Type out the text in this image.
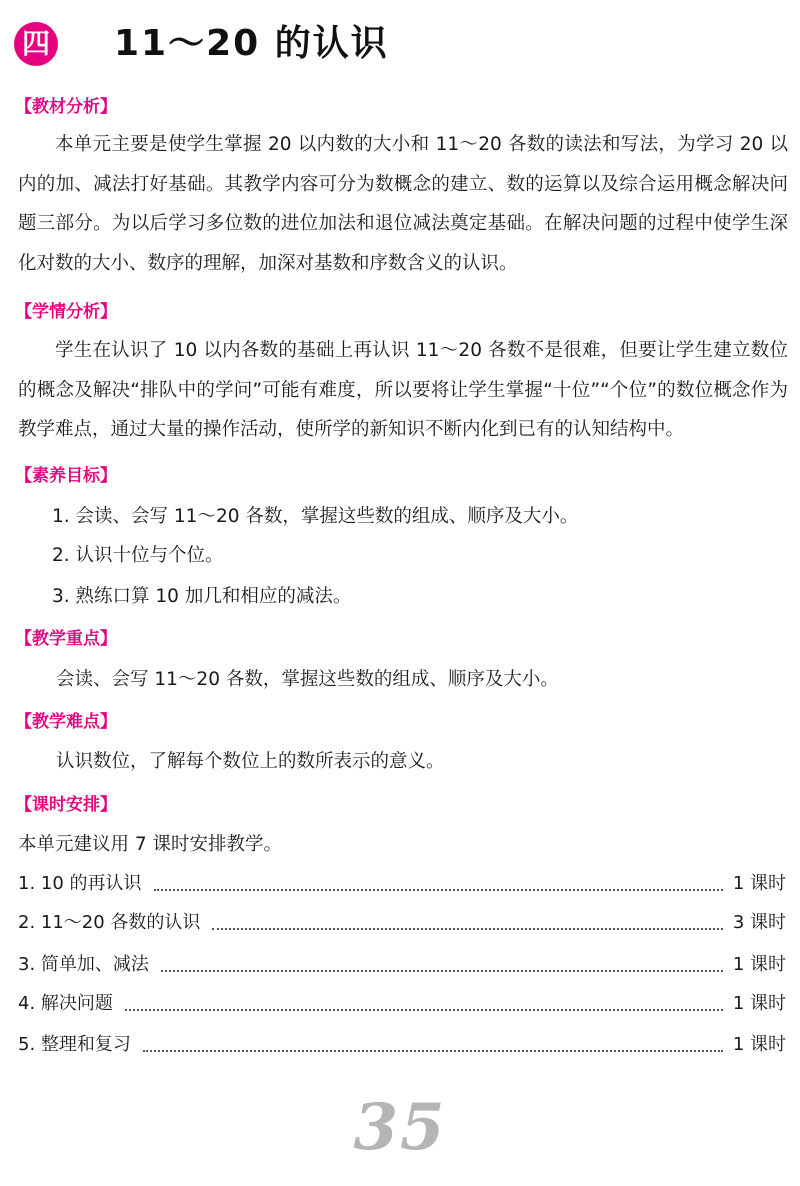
四 11～20 的认识
【教材分析】

本单元主要是使学生掌握 20 以内数的大小和 11～20 各数的读法和写法，为学习 20 以内的加、减法打好基础。其教学内容可分为数概念的建立、数的运算以及综合运用概念解决问题三部分。为以后学习多位数的进位加法和退位减法奠定基础。在解决问题的过程中使学生深化对数的大小、数序的理解，加深对基数和序数含义的认识。

【学情分析】

学生在认识了 10 以内各数的基础上再认识 11～20 各数不是很难，但要让学生建立数位的概念及解决“排队中的学问”可能有难度，所以要将让学生掌握“十位”“个位”的数位概念作为教学难点，通过大量的操作活动，使所学的新知识不断内化到已有的认知结构中。

【素养目标】
1. 会读、会写 11～20 各数，掌握这些数的组成、顺序及大小。
2. 认识十位与个位。
3. 熟练口算 10 加几和相应的减法。
【教学重点】
会读、会写 11～20 各数，掌握这些数的组成、顺序及大小。
【教学难点】
认识数位，了解每个数位上的数所表示的意义。
【课时安排】
本单元建议用 7 课时安排教学。
1. 10 的再认识	1 课时
2. 11～20 各数的认识	3 课时
3. 简单加、减法	1 课时
4. 解决问题	1 课时
5. 整理和复习	1 课时
35
